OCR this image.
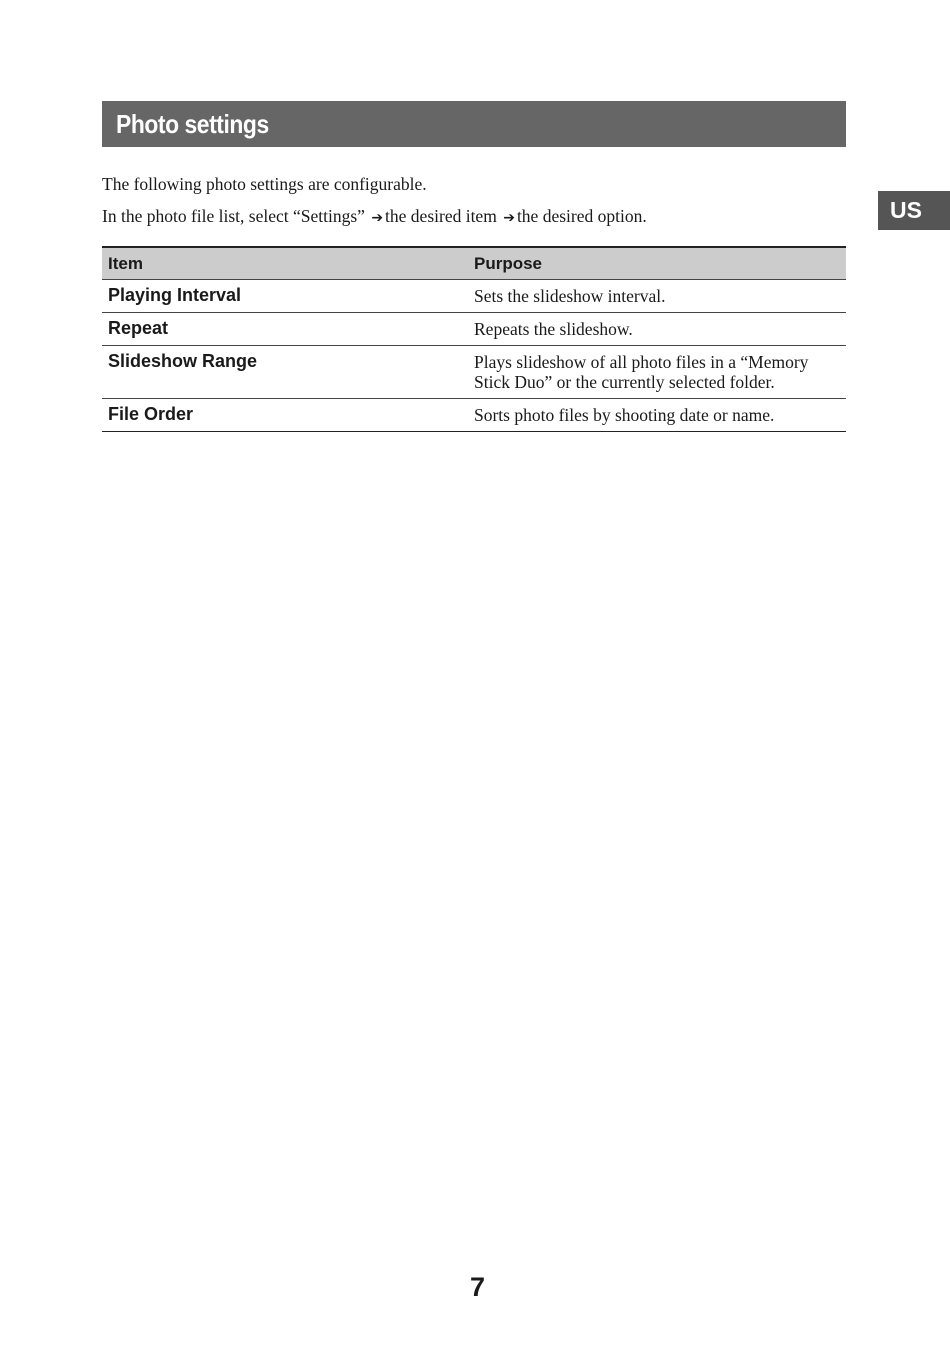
Photo settings
US
The following photo settings are configurable.
In the photo file list, select “Settings” ➔ the desired item ➔ the desired option.
Item	Purpose
Playing Interval	Sets the slideshow interval.
Repeat	Repeats the slideshow.
Slideshow Range	Plays slideshow of all photo files in a “Memory Stick Duo” or the currently selected folder.
File Order	Sorts photo files by shooting date or name.
7
